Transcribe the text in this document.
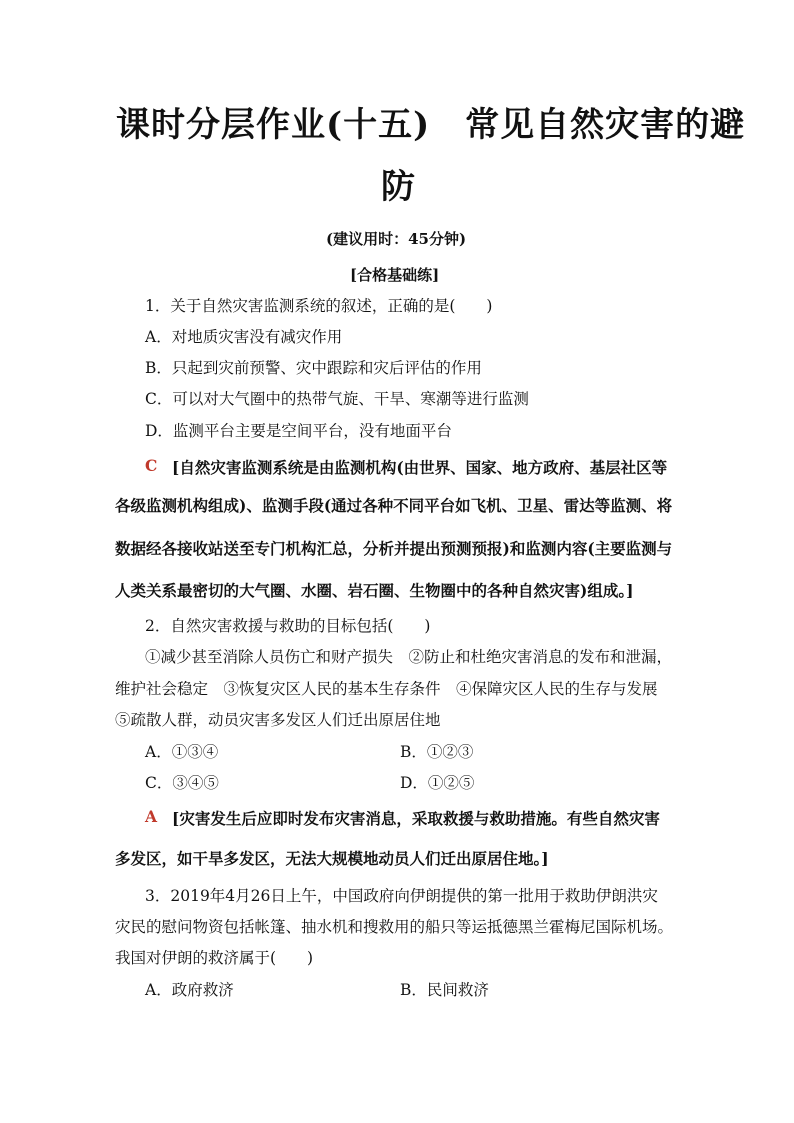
课时分层作业(十五)　常见自然灾害的避
防
(建议用时：45分钟)
[合格基础练]
1．关于自然灾害监测系统的叙述，正确的是(　　)
A．对地质灾害没有减灾作用
B．只起到灾前预警、灾中跟踪和灾后评估的作用
C．可以对大气圈中的热带气旋、干旱、寒潮等进行监测
D．监测平台主要是空间平台，没有地面平台
C [自然灾害监测系统是由监测机构(由世界、国家、地方政府、基层社区等
各级监测机构组成)、监测手段(通过各种不同平台如飞机、卫星、雷达等监测、将
数据经各接收站送至专门机构汇总，分析并提出预测预报)和监测内容(主要监测与
人类关系最密切的大气圈、水圈、岩石圈、生物圈中的各种自然灾害)组成。]
2．自然灾害救援与救助的目标包括(　　)
①减少甚至消除人员伤亡和财产损失　②防止和杜绝灾害消息的发布和泄漏，
维护社会稳定　③恢复灾区人民的基本生存条件　④保障灾区人民的生存与发展
⑤疏散人群，动员灾害多发区人们迁出原居住地
A．①③④	B．①②③
C．③④⑤	D．①②⑤
A [灾害发生后应即时发布灾害消息，采取救援与救助措施。有些自然灾害
多发区，如干旱多发区，无法大规模地动员人们迁出原居住地。]
3．2019年4月26日上午，中国政府向伊朗提供的第一批用于救助伊朗洪灾
灾民的慰问物资包括帐篷、抽水机和搜救用的船只等运抵德黑兰霍梅尼国际机场。
我国对伊朗的救济属于(　　)
A．政府救济	B．民间救济
